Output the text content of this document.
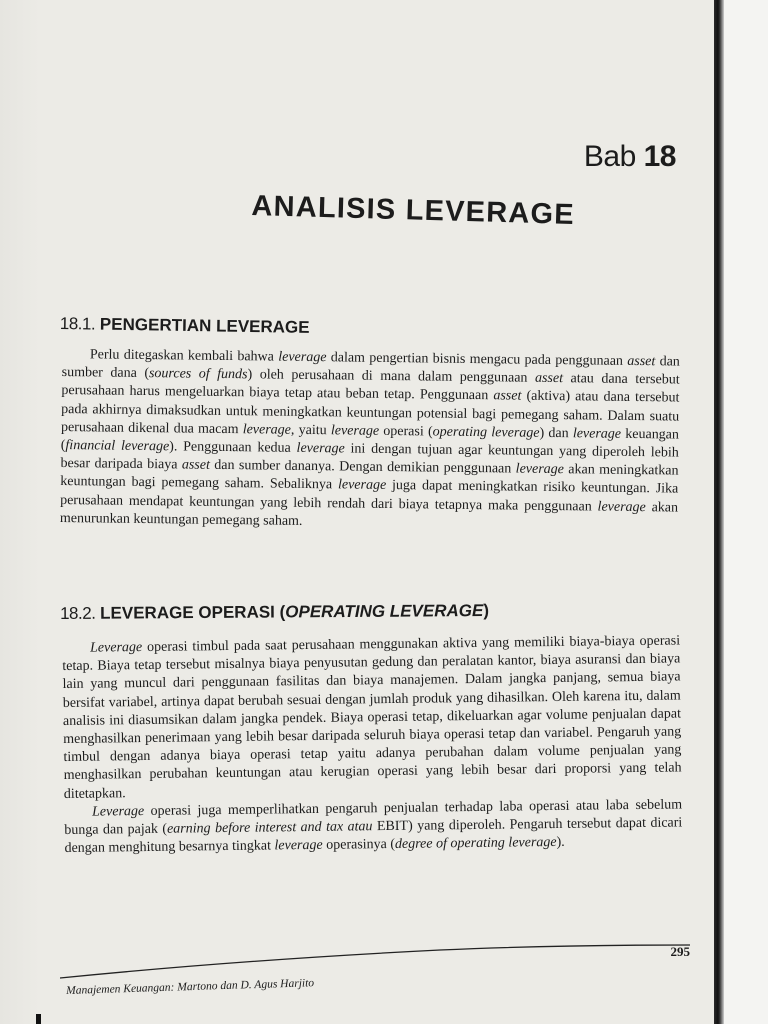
Bab 18
ANALISIS LEVERAGE
18.1. PENGERTIAN LEVERAGE

Perlu ditegaskan kembali bahwa leverage dalam pengertian bisnis mengacu pada penggunaan asset dan sumber dana (sources of funds) oleh perusahaan di mana dalam penggunaan asset atau dana tersebut perusahaan harus mengeluarkan biaya tetap atau beban tetap. Penggunaan asset (aktiva) atau dana tersebut pada akhirnya dimaksudkan untuk meningkatkan keuntungan potensial bagi pemegang saham. Dalam suatu perusahaan dikenal dua macam leverage, yaitu leverage operasi (operating leverage) dan leverage keuangan (financial leverage). Penggunaan kedua leverage ini dengan tujuan agar keuntungan yang diperoleh lebih besar daripada biaya asset dan sumber dananya. Dengan demikian penggunaan leverage akan meningkatkan keuntungan bagi pemegang saham. Sebaliknya leverage juga dapat meningkatkan risiko keuntungan. Jika perusahaan mendapat keuntungan yang lebih rendah dari biaya tetapnya maka penggunaan leverage akan menurunkan keuntungan pemegang saham.

18.2. LEVERAGE OPERASI (OPERATING LEVERAGE)

Leverage operasi timbul pada saat perusahaan menggunakan aktiva yang memiliki biaya-biaya operasi tetap. Biaya tetap tersebut misalnya biaya penyusutan gedung dan peralatan kantor, biaya asuransi dan biaya lain yang muncul dari penggunaan fasilitas dan biaya manajemen. Dalam jangka panjang, semua biaya bersifat variabel, artinya dapat berubah sesuai dengan jumlah produk yang dihasilkan. Oleh karena itu, dalam analisis ini diasumsikan dalam jangka pendek. Biaya operasi tetap, dikeluarkan agar volume penjualan dapat menghasilkan penerimaan yang lebih besar daripada seluruh biaya operasi tetap dan variabel. Pengaruh yang timbul dengan adanya biaya operasi tetap yaitu adanya perubahan dalam volume penjualan yang menghasilkan perubahan keuntungan atau kerugian operasi yang lebih besar dari proporsi yang telah ditetapkan.

Leverage operasi juga memperlihatkan pengaruh penjualan terhadap laba operasi atau laba sebelum bunga dan pajak (earning before interest and tax atau EBIT) yang diperoleh. Pengaruh tersebut dapat dicari dengan menghitung besarnya tingkat leverage operasinya (degree of operating leverage).

295
Manajemen Keuangan: Martono dan D. Agus Harjito
